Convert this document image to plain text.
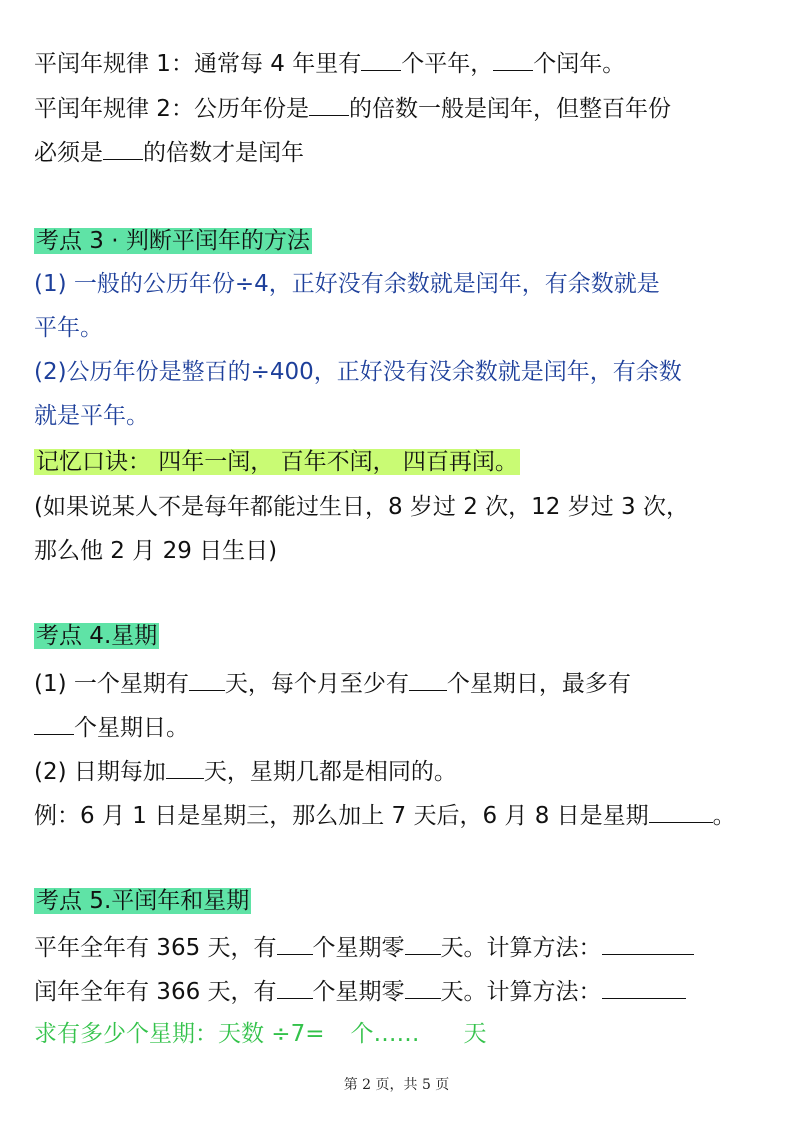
平闰年规律 1：通常每 4 年里有 个平年， 个闰年。
平闰年规律 2：公历年份是 的倍数一般是闰年，但整百年份
必须是 的倍数才是闰年
考点 3 · 判断平闰年的方法
(1) 一般的公历年份÷4，正好没有余数就是闰年，有余数就是
平年。
(2)公历年份是整百的÷400，正好没有没余数就是闰年，有余数
就是平年。
记忆口诀： 四年一闰， 百年不闰， 四百再闰。
(如果说某人不是每年都能过生日，8 岁过 2 次，12 岁过 3 次，
那么他 2 月 29 日生日)
考点 4.星期
(1) 一个星期有 天，每个月至少有 个星期日，最多有
个星期日。
(2) 日期每加 天，星期几都是相同的。
例：6 月 1 日是星期三，那么加上 7 天后，6 月 8 日是星期	。
考点 5.平闰年和星期
平年全年有 365 天，有 个星期零 天。计算方法：
闰年全年有 366 天，有 个星期零 天。计算方法：
求有多少个星期：天数 ÷7= 个…… 天
第 2 页，共 5 页
